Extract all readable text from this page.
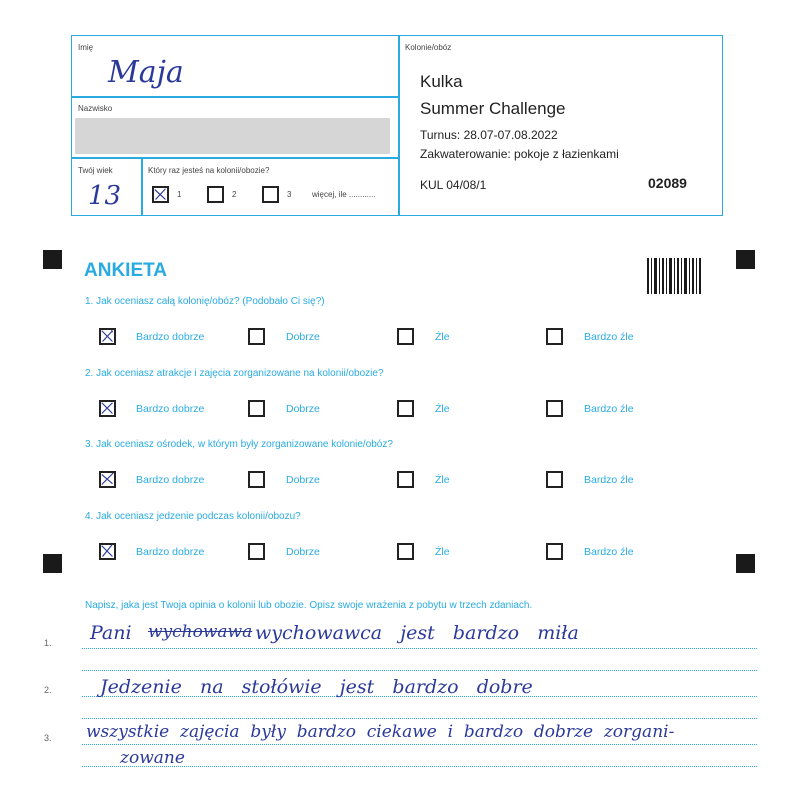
Imię
Maja
Nazwisko
Twój wiek
13
Który raz jesteś na kolonii/obozie?
1	2	3	więcej, ile ............
Kolonie/obóz
Kulka
Summer Challenge
Turnus: 28.07-07.08.2022
Zakwaterowanie: pokoje z łazienkami
KUL 04/08/1	02089
ANKIETA
1. Jak oceniasz całą kolonię/obóz? (Podobało Ci się?)
Bardzo dobrze	Dobrze	Źle	Bardzo źle
2. Jak oceniasz atrakcje i zajęcia zorganizowane na kolonii/obozie?
Bardzo dobrze	Dobrze	Źle	Bardzo źle
3. Jak oceniasz ośrodek, w którym były zorganizowane kolonie/obóz?
Bardzo dobrze	Dobrze	Źle	Bardzo źle
4. Jak oceniasz jedzenie podczas kolonii/obozu?
Bardzo dobrze	Dobrze	Źle	Bardzo źle
Napisz, jaka jest Twoja opinia o kolonii lub obozie. Opisz swoje wrażenia z pobytu w trzech zdaniach.
1.
2.
3.
Pani wychowawa wychowawca   jest   bardzo   miła
Jedzenie   na   stołówie   jest   bardzo   dobre
wszystkie  zajęcia  były  bardzo  ciekawe  i  bardzo  dobrze  zorgani-
zowane
